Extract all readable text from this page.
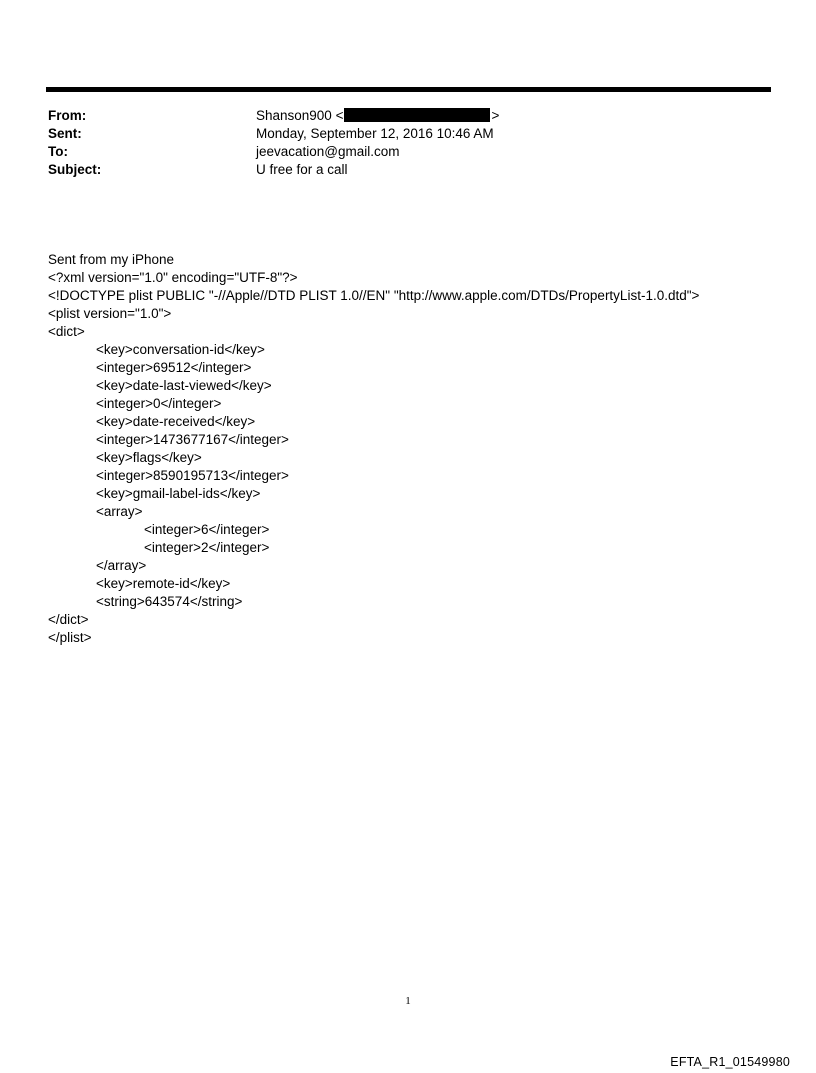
From:	Shanson900 <	>
Sent:	Monday, September 12, 2016 10:46 AM
To:	jeevacation@gmail.com
Subject:	U free for a call
Sent from my iPhone
<?xml version="1.0" encoding="UTF-8"?>
<!DOCTYPE plist PUBLIC "-//Apple//DTD PLIST 1.0//EN" "http://www.apple.com/DTDs/PropertyList-1.0.dtd">
<plist version="1.0">
<dict>
<key>conversation-id</key>
<integer>69512</integer>
<key>date-last-viewed</key>
<integer>0</integer>
<key>date-received</key>
<integer>1473677167</integer>
<key>flags</key>
<integer>8590195713</integer>
<key>gmail-label-ids</key>
<array>
<integer>6</integer>
<integer>2</integer>
</array>
<key>remote-id</key>
<string>643574</string>
</dict>
</plist>
1
EFTA_R1_01549980
